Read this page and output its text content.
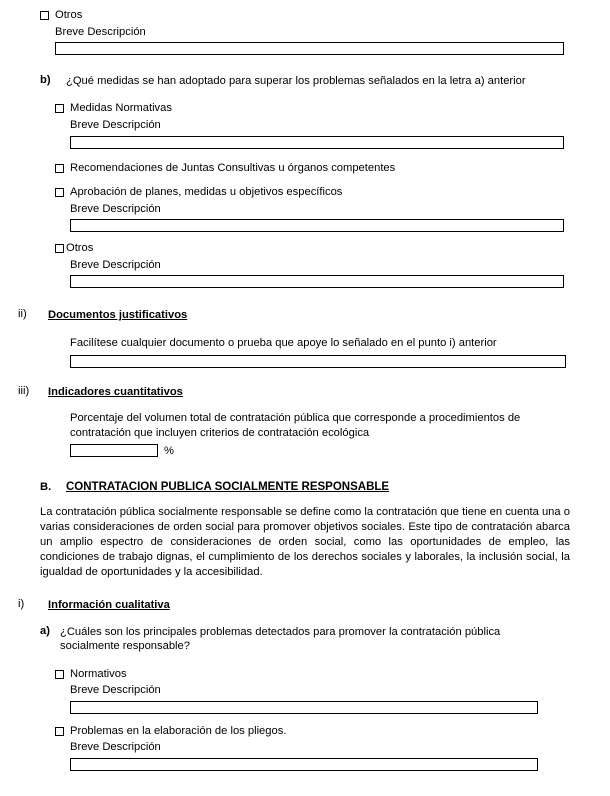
Otros
Breve Descripción
b)	¿Qué medidas se han adoptado para superar los problemas señalados en la letra a) anterior
Medidas Normativas
Breve Descripción
Recomendaciones de Juntas Consultivas u órganos competentes
Aprobación de planes, medidas u objetivos específicos
Breve Descripción
Otros
Breve Descripción
ii)	Documentos justificativos
Facilítese cualquier documento o prueba que apoye lo señalado en el punto i) anterior
iii)	Indicadores cuantitativos
Porcentaje del volumen total de contratación pública que corresponde a procedimientos de contratación que incluyen criterios de contratación ecológica
%
B.	CONTRATACION PUBLICA SOCIALMENTE RESPONSABLE
La contratación pública socialmente responsable se define como la contratación que tiene en cuenta una o varias consideraciones de orden social para promover objetivos sociales. Este tipo de contratación abarca un amplio espectro de consideraciones de orden social, como las oportunidades de empleo, las condiciones de trabajo dignas, el cumplimiento de los derechos sociales y laborales, la inclusión social, la igualdad de oportunidades y la accesibilidad.
i)	Información cualitativa
a) ¿Cuáles son los principales problemas detectados para promover la contratación pública socialmente responsable?
Normativos
Breve Descripción
Problemas en la elaboración de los pliegos.
Breve Descripción
